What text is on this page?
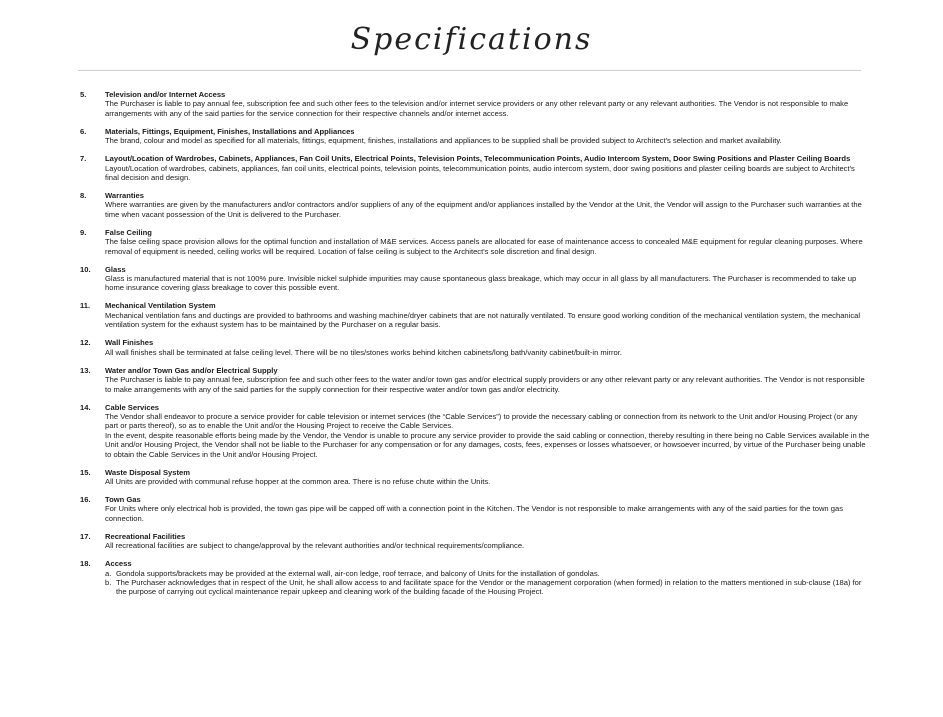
Specifications
5.	Television and/or Internet Access
The Purchaser is liable to pay annual fee, subscription fee and such other fees to the television and/or internet service providers or any other relevant party or any relevant authorities. The Vendor is not responsible to make arrangements with any of the said parties for the service connection for their respective channels and/or internet access.
6.	Materials, Fittings, Equipment, Finishes, Installations and Appliances
The brand, colour and model as specified for all materials, fittings, equipment, finishes, installations and appliances to be supplied shall be provided subject to Architect's selection and market availability.
7.	Layout/Location of Wardrobes, Cabinets, Appliances, Fan Coil Units, Electrical Points, Television Points, Telecommunication Points, Audio Intercom System, Door Swing Positions and Plaster Ceiling Boards
Layout/Location of wardrobes, cabinets, appliances, fan coil units, electrical points, television points, telecommunication points, audio intercom system, door swing positions and plaster ceiling boards are subject to Architect's final decision and design.
8.	Warranties
Where warranties are given by the manufacturers and/or contractors and/or suppliers of any of the equipment and/or appliances installed by the Vendor at the Unit, the Vendor will assign to the Purchaser such warranties at the time when vacant possession of the Unit is delivered to the Purchaser.
9.	False Ceiling
The false ceiling space provision allows for the optimal function and installation of M&E services. Access panels are allocated for ease of maintenance access to concealed M&E equipment for regular cleaning purposes. Where removal of equipment is needed, ceiling works will be required. Location of false ceiling is subject to the Architect's sole discretion and final design.
10.	Glass
Glass is manufactured material that is not 100% pure. Invisible nickel sulphide impurities may cause spontaneous glass breakage, which may occur in all glass by all manufacturers. The Purchaser is recommended to take up home insurance covering glass breakage to cover this possible event.
11.	Mechanical Ventilation System
Mechanical ventilation fans and ductings are provided to bathrooms and washing machine/dryer cabinets that are not naturally ventilated. To ensure good working condition of the mechanical ventilation system, the mechanical ventilation system for the exhaust system has to be maintained by the Purchaser on a regular basis.
12.	Wall Finishes
All wall finishes shall be terminated at false ceiling level. There will be no tiles/stones works behind kitchen cabinets/long bath/vanity cabinet/built-in mirror.
13.	Water and/or Town Gas and/or Electrical Supply
The Purchaser is liable to pay annual fee, subscription fee and such other fees to the water and/or town gas and/or electrical supply providers or any other relevant party or any relevant authorities. The Vendor is not responsible to make arrangements with any of the said parties for the supply connection for their respective water and/or town gas and/or electricity.
14.	Cable Services
The Vendor shall endeavor to procure a service provider for cable television or internet services (the “Cable Services”) to provide the necessary cabling or connection from its network to the Unit and/or Housing Project (or any part or parts thereof), so as to enable the Unit and/or the Housing Project to receive the Cable Services.
In the event, despite reasonable efforts being made by the Vendor, the Vendor is unable to procure any service provider to provide the said cabling or connection, thereby resulting in there being no Cable Services available in the Unit and/or Housing Project, the Vendor shall not be liable to the Purchaser for any compensation or for any damages, costs, fees, expenses or losses whatsoever, or howsoever incurred, by virtue of the Purchaser being unable to obtain the Cable Services in the Unit and/or Housing Project.
15.	Waste Disposal System
All Units are provided with communal refuse hopper at the common area. There is no refuse chute within the Units.
16.	Town Gas
For Units where only electrical hob is provided, the town gas pipe will be capped off with a connection point in the Kitchen. The Vendor is not responsible to make arrangements with any of the said parties for the town gas connection.
17.	Recreational Facilities
All recreational facilities are subject to change/approval by the relevant authorities and/or technical requirements/compliance.
18.	Access
a. Gondola supports/brackets may be provided at the external wall, air-con ledge, roof terrace, and balcony of Units for the installation of gondolas.
b. The Purchaser acknowledges that in respect of the Unit, he shall allow access to and facilitate space for the Vendor or the management corporation (when formed) in relation to the matters mentioned in sub-clause (18a) for the purpose of carrying out cyclical maintenance repair upkeep and cleaning work of the building facade of the Housing Project.
